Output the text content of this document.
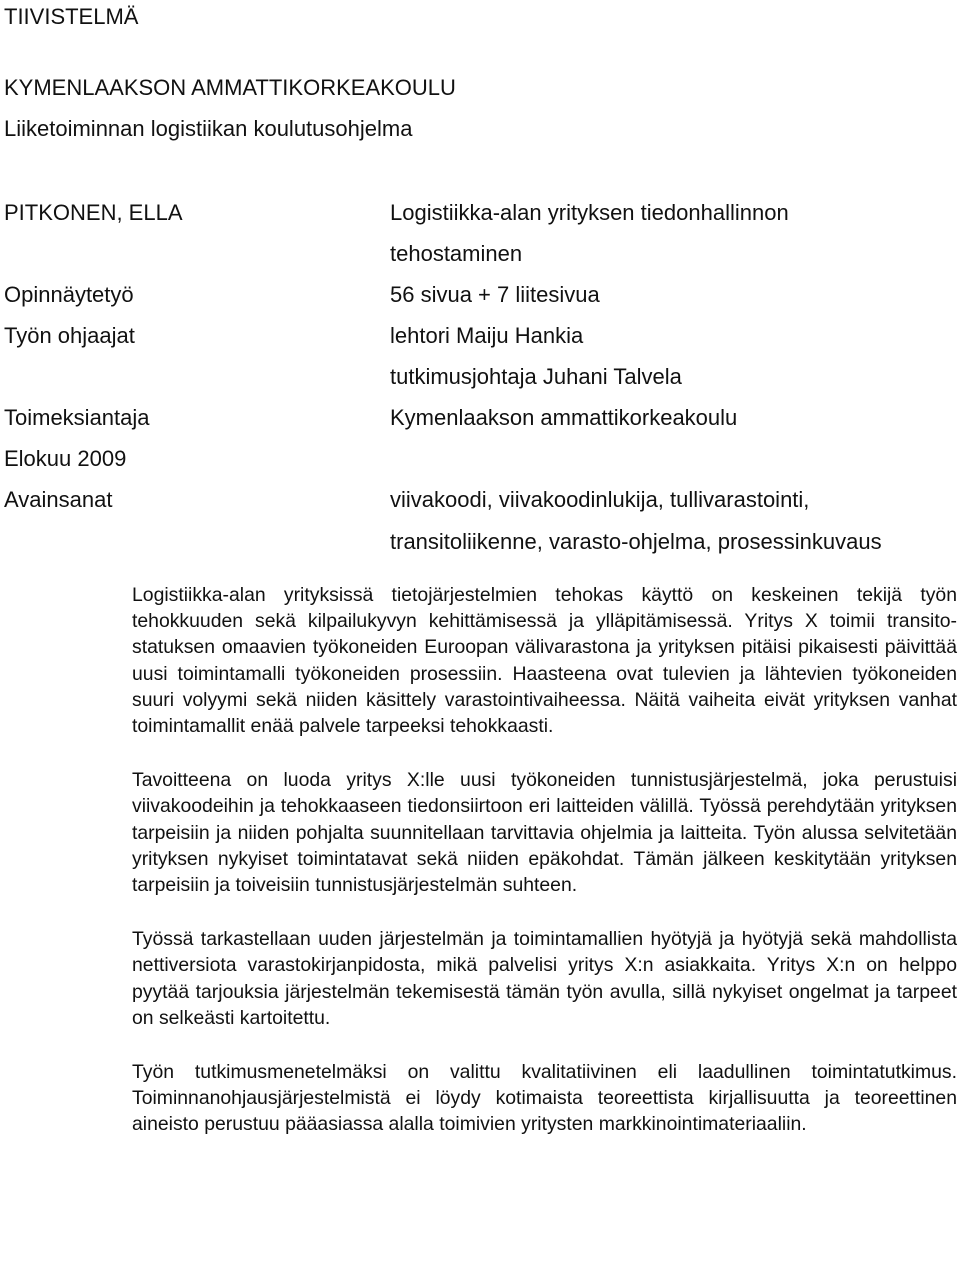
TIIVISTELMÄ
KYMENLAAKSON AMMATTIKORKEAKOULU
Liiketoiminnan logistiikan koulutusohjelma
PITKONEN, ELLA	Logistiikka-alan yrityksen tiedonhallinnon
tehostaminen
Opinnäytetyö	56 sivua + 7 liitesivua
Työn ohjaajat	lehtori Maiju Hankia
tutkimusjohtaja Juhani Talvela
Toimeksiantaja	Kymenlaakson ammattikorkeakoulu
Elokuu 2009
Avainsanat	viivakoodi, viivakoodinlukija, tullivarastointi,
transitoliikenne, varasto-ohjelma, prosessinkuvaus

Logistiikka-alan yrityksissä tietojärjestelmien tehokas käyttö on keskeinen tekijä työn tehokkuuden sekä kilpailukyvyn kehittämisessä ja ylläpitämisessä. Yritys X toimii transito-statuksen omaavien työkoneiden Euroopan välivarastona ja yrityksen pitäisi pikaisesti päivittää uusi toimintamalli työkoneiden prosessiin. Haasteena ovat tulevien ja lähtevien työkoneiden suuri volyymi sekä niiden käsittely varastointivaiheessa. Näitä vaiheita eivät yrityksen vanhat toimintamallit enää palvele tarpeeksi tehokkaasti.

Tavoitteena on luoda yritys X:lle uusi työkoneiden tunnistusjärjestelmä, joka perustuisi viivakoodeihin ja tehokkaaseen tiedonsiirtoon eri laitteiden välillä. Työssä perehdytään yrityksen tarpeisiin ja niiden pohjalta suunnitellaan tarvittavia ohjelmia ja laitteita. Työn alussa selvitetään yrityksen nykyiset toimintatavat sekä niiden epäkohdat. Tämän jälkeen keskitytään yrityksen tarpeisiin ja toiveisiin tunnistusjärjestelmän suhteen.

Työssä tarkastellaan uuden järjestelmän ja toimintamallien hyötyjä ja hyötyjä sekä mahdollista nettiversiota varastokirjanpidosta, mikä palvelisi yritys X:n asiakkaita. Yritys X:n on helppo pyytää tarjouksia järjestelmän tekemisestä tämän työn avulla, sillä nykyiset ongelmat ja tarpeet on selkeästi kartoitettu.

Työn tutkimusmenetelmäksi on valittu kvalitatiivinen eli laadullinen toimintatutkimus. Toiminnanohjausjärjestelmistä ei löydy kotimaista teoreettista kirjallisuutta ja teoreettinen aineisto perustuu pääasiassa alalla toimivien yritysten markkinointimateriaaliin.
